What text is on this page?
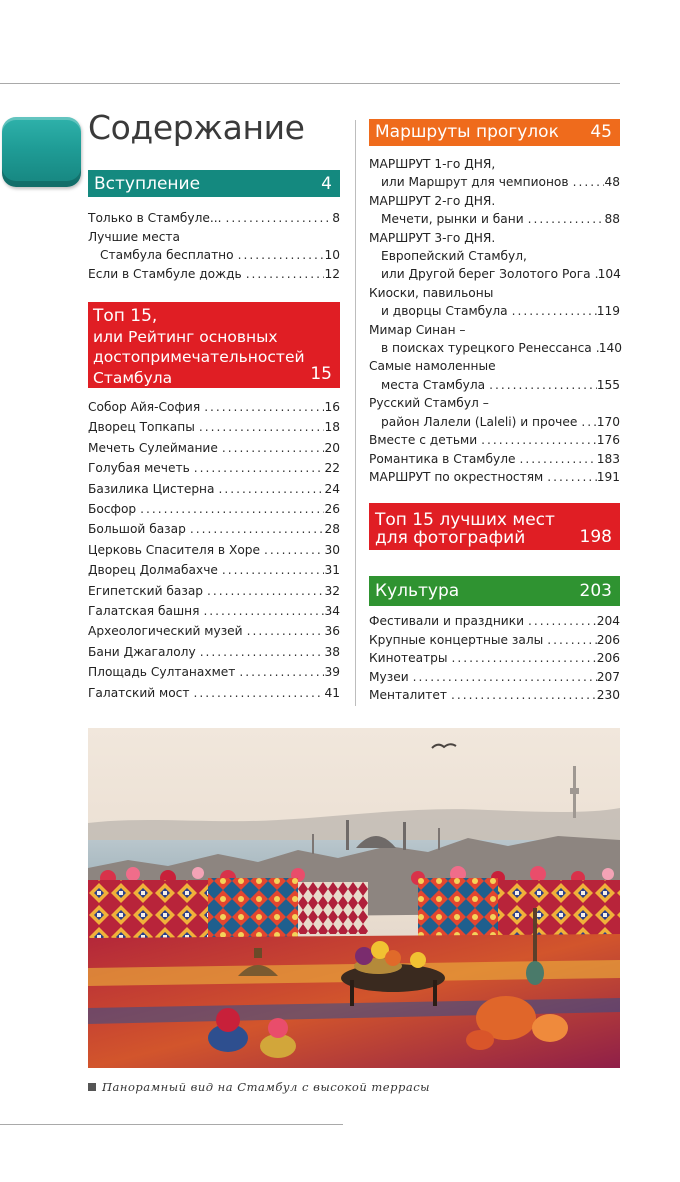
Содержание
Вступление	4
Только в Стамбуле... .....	8
Лучшие места
Стамбула бесплатно .....	10
Если в Стамбуле дождь .....	12
Топ 15,
или Рейтинг основных
достопримечательностей
Стамбула	15
Собор Айя-София .....	16
Дворец Топкапы .....	18
Мечеть Сулеймание .....	20
Голубая мечеть .....	22
Базилика Цистерна .....	24
Босфор .....	26
Большой базар .....	28
Церковь Спасителя в Хоре .....	30
Дворец Долмабахче .....	31
Египетский базар .....	32
Галатская башня .....	34
Археологический музей .....	36
Бани Джагалолу .....	38
Площадь Султанахмет .....	39
Галатский мост .....	41
Маршруты прогулок	45
МАРШРУТ 1-го ДНЯ,
или Маршрут для чемпионов .....	48
МАРШРУТ 2-го ДНЯ.
Мечети, рынки и бани .....	88
МАРШРУТ 3-го ДНЯ.
Европейский Стамбул,
или Другой берег Золотого Рога ..... 104
Киоски, павильоны
и дворцы Стамбула .....	119
Мимар Синан –
в поисках турецкого Ренессанса ..... 140
Самые намоленные
места Стамбула .....	155
Русский Стамбул –
район Лалели (Laleli) и прочее ..... 170
Вместе с детьми .....	176
Романтика в Стамбуле .....	183
МАРШРУТ по окрестностям .....	191
Топ 15 лучших мест
для фотографий	198
Культура	203
Фестивали и праздники .....	204
Крупные концертные залы .....	206
Кинотеатры .....	206
Музеи .....	207
Менталитет .....	230
Панорамный вид на Стамбул с высокой террасы
